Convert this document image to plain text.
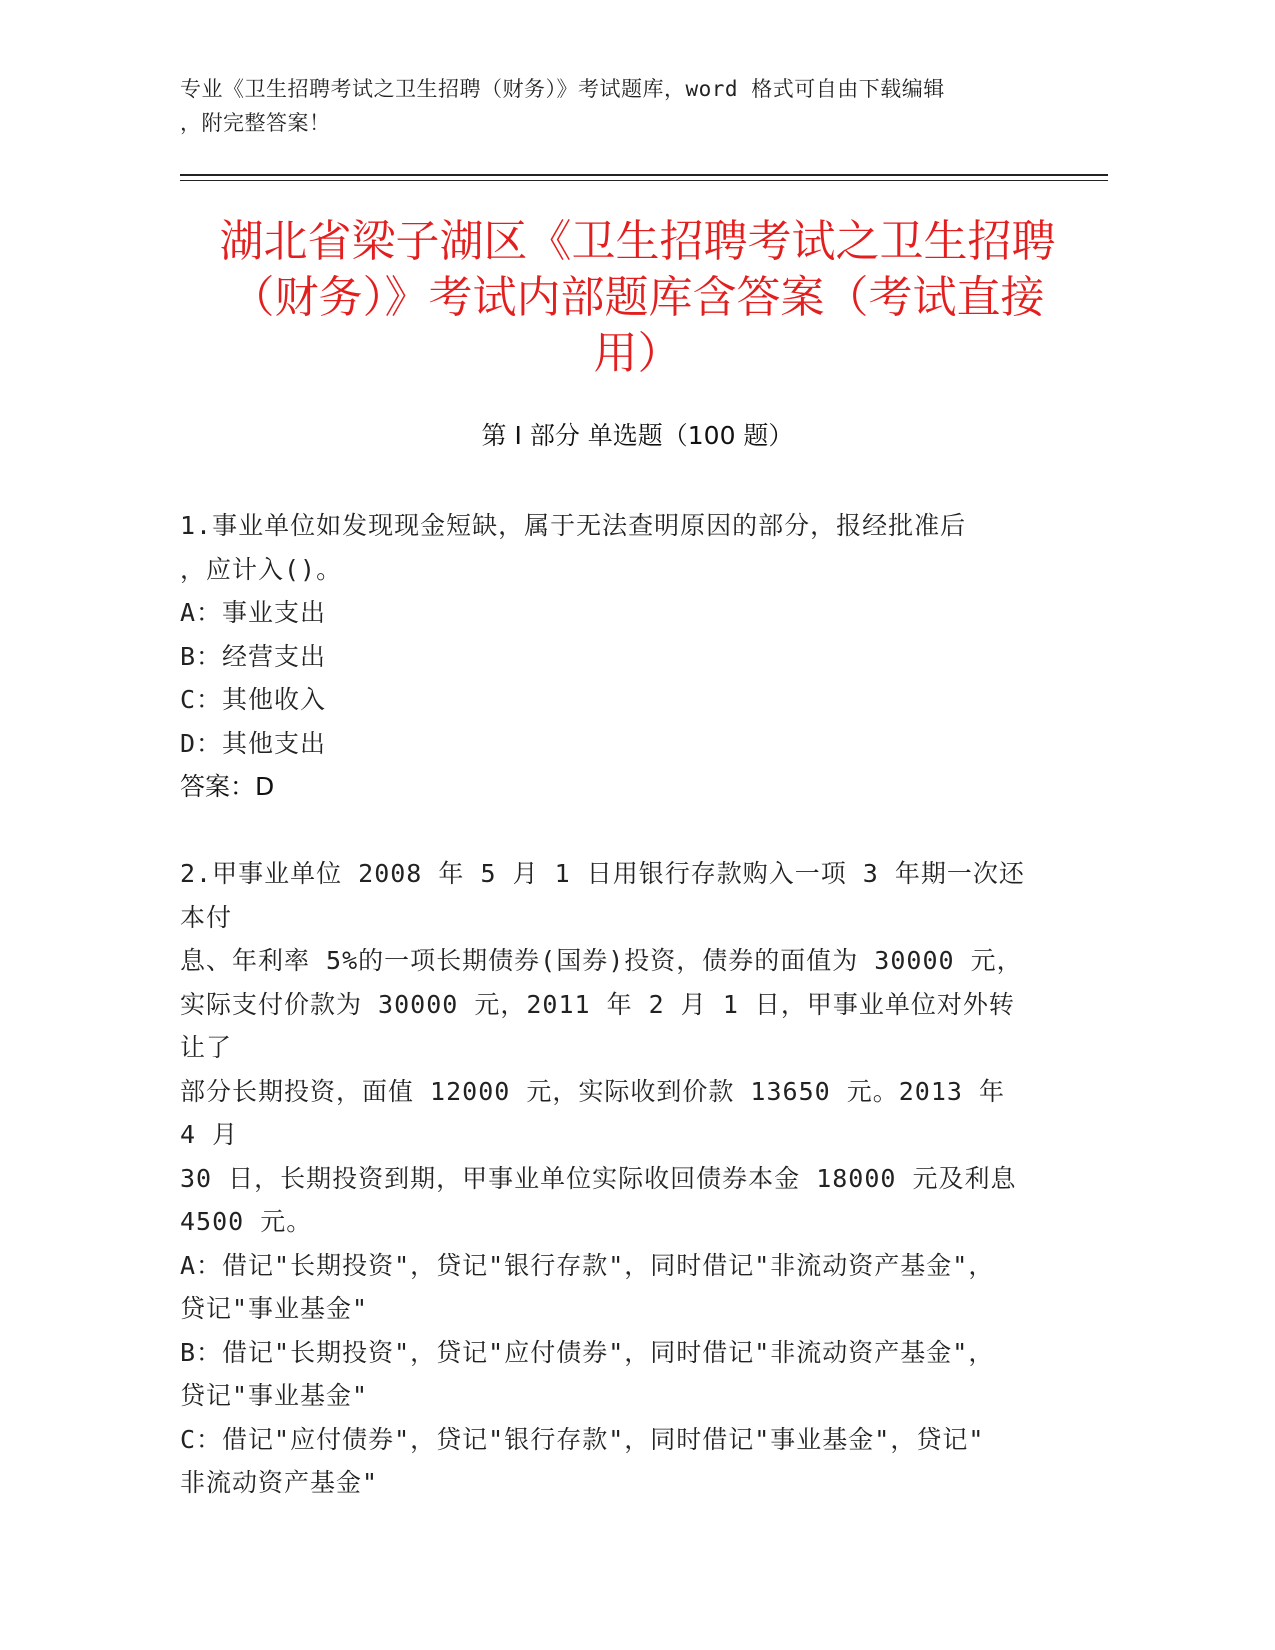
专业《卫生招聘考试之卫生招聘（财务）》考试题库，word 格式可自由下载编辑
，附完整答案！
湖北省梁子湖区《卫生招聘考试之卫生招聘
（财务）》考试内部题库含答案（考试直接
用）
第 I 部分 单选题（100 题）

1.事业单位如发现现金短缺，属于无法查明原因的部分，报经批准后

，应计入()。

A：事业支出

B：经营支出

C：其他收入

D：其他支出

答案：D

2.甲事业单位 2008 年 5 月 1 日用银行存款购入一项 3 年期一次还本付

息、年利率 5%的一项长期债券(国券)投资，债券的面值为 30000 元，

实际支付价款为 30000 元，2011 年 2 月 1 日，甲事业单位对外转让了

部分长期投资，面值 12000 元，实际收到价款 13650 元。2013 年 4 月

30 日，长期投资到期，甲事业单位实际收回债券本金 18000 元及利息

4500 元。

A：借记"长期投资"，贷记"银行存款"，同时借记"非流动资产基金"，

贷记"事业基金"

B：借记"长期投资"，贷记"应付债券"，同时借记"非流动资产基金"，

贷记"事业基金"

C：借记"应付债券"，贷记"银行存款"，同时借记"事业基金"，贷记"

非流动资产基金"
